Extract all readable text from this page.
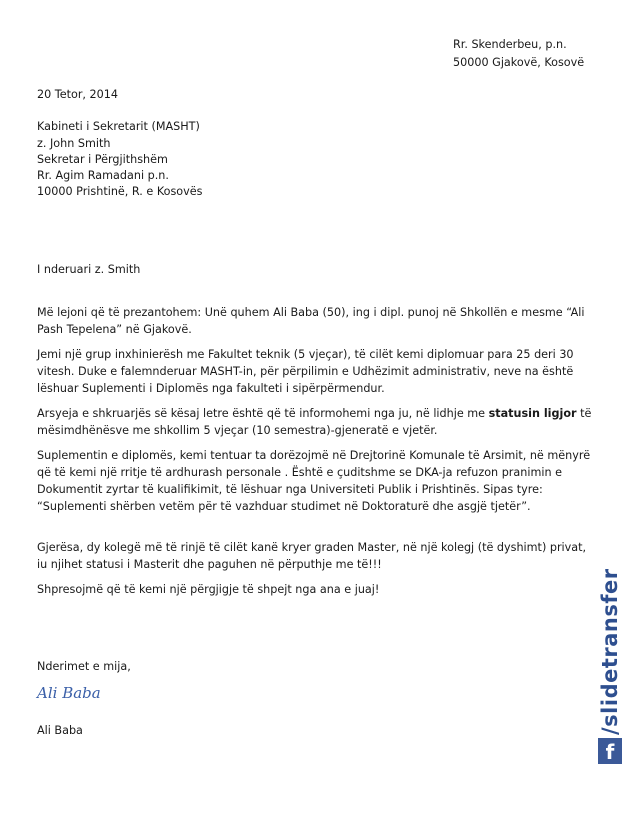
Rr. Skenderbeu, p.n.

50000 Gjakovë, Kosovë

20 Tetor, 2014

Kabineti i Sekretarit (MASHT)

z. John Smith

Sekretar i Përgjithshëm

Rr. Agim Ramadani p.n.

10000 Prishtinë, R. e Kosovës

I nderuari z. Smith

Më lejoni që të prezantohem: Unë quhem Ali Baba (50), ing i dipl. punoj në Shkollën e mesme “Ali Pash Tepelena” në Gjakovë.

Jemi një grup inxhinierësh me Fakultet teknik (5 vjeçar), të cilët kemi diplomuar para 25 deri 30 vitesh. Duke e falemnderuar MASHT-in, për përpilimin e Udhëzimit administrativ, neve na është lëshuar Suplementi i Diplomës nga fakulteti i sipërpërmendur.

Arsyeja e shkruarjës së kësaj letre është që të informohemi nga ju, në lidhje me statusin ligjor të mësimdhënësve me shkollim 5 vjeçar (10 semestra)-gjeneratë e vjetër.

Suplementin e diplomës, kemi tentuar ta dorëzojmë në Drejtorinë Komunale të Arsimit, në mënyrë që të kemi një rritje të ardhurash personale . Është e çuditshme se DKA-ja refuzon pranimin e Dokumentit zyrtar të kualifikimit, të lëshuar nga Universiteti Publik i Prishtinës. Sipas tyre: “Suplementi shërben vetëm për të vazhduar studimet në Doktoraturë dhe asgjë tjetër”.

Gjerësa, dy kolegë më të rinjë të cilët kanë kryer graden Master, në një kolegj (të dyshimt) privat, iu njihet statusi i Masterit dhe paguhen në përputhje me të!!!

Shpresojmë që të kemi një përgjigje të shpejt nga ana e juaj!

Nderimet e mija,

Ali Baba

Ali Baba	/slidetransfer
f
